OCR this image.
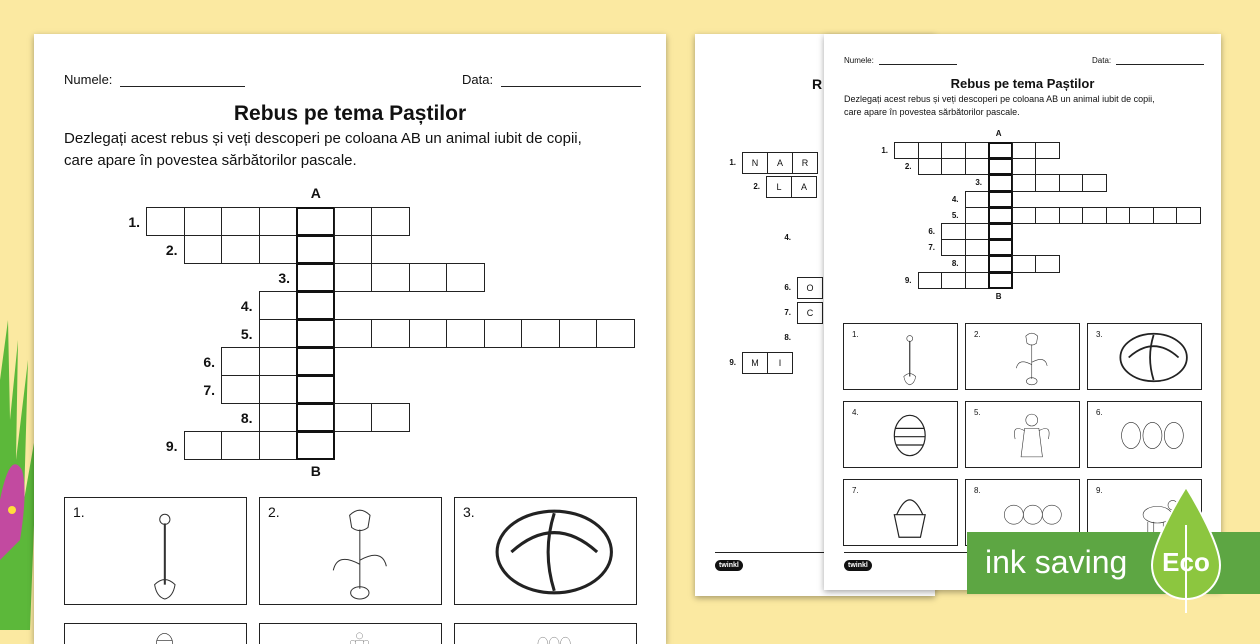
Numele:	Data:
Rebus pe tema Paștilor
Dezlegați acest rebus și veți descoperi pe coloana AB un animal iubit de copii,
care apare în povestea sărbătorilor pascale.
1.
2.
3.
4.
5.
6.
7.
8.
9.
A
B
1.	2.	3.
R
1.	N	A	R
2.	L	A
4.
6.	O
7.	C
8.
9.	M	I
twinkl
Numele:	Data:
Rebus pe tema Paștilor
Dezlegați acest rebus și veți descoperi pe coloana AB un animal iubit de copii,
care apare în povestea sărbătorilor pascale.
1.
2.
3.
4.
5.
6.
7.
8.
9.
A
B
1.	2.	3.
4.	5.	6.
7.	8.	9.
twinkl	ink saving Eco
